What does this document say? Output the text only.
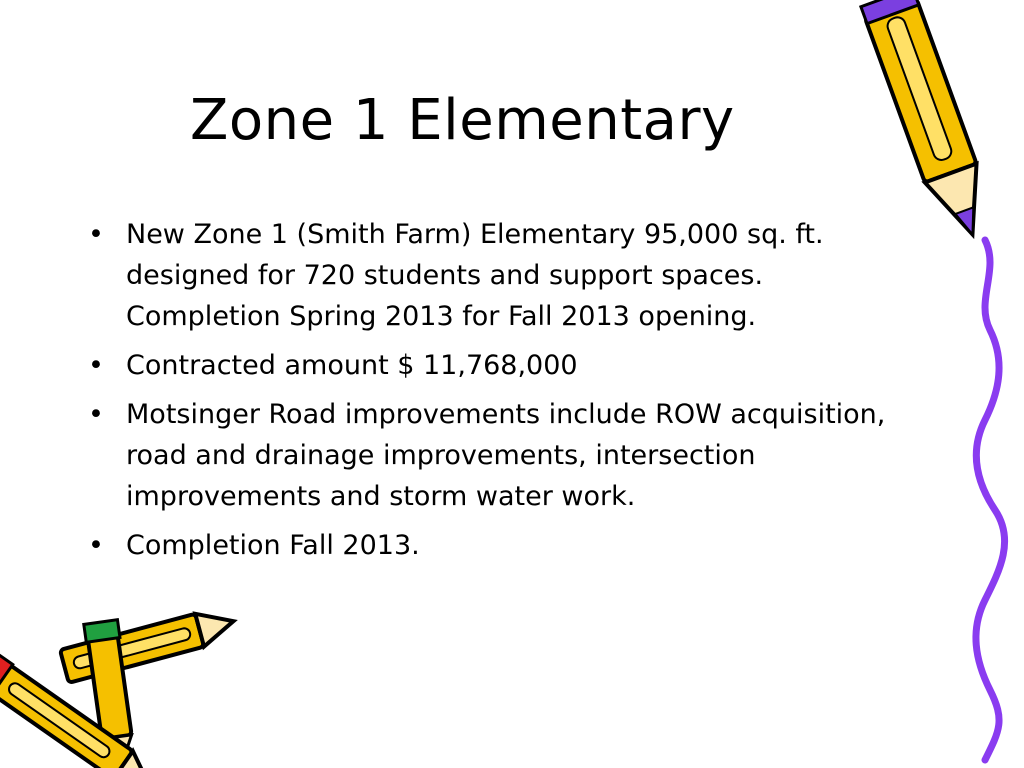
Zone 1 Elementary
• New Zone 1 (Smith Farm) Elementary 95,000 sq. ft. designed for 720 students and support spaces. Completion Spring 2013 for Fall 2013 opening.
• Contracted amount $ 11,768,000
• Motsinger Road improvements include ROW acquisition, road and drainage improvements, intersection improvements and storm water work.
• Completion Fall 2013.
